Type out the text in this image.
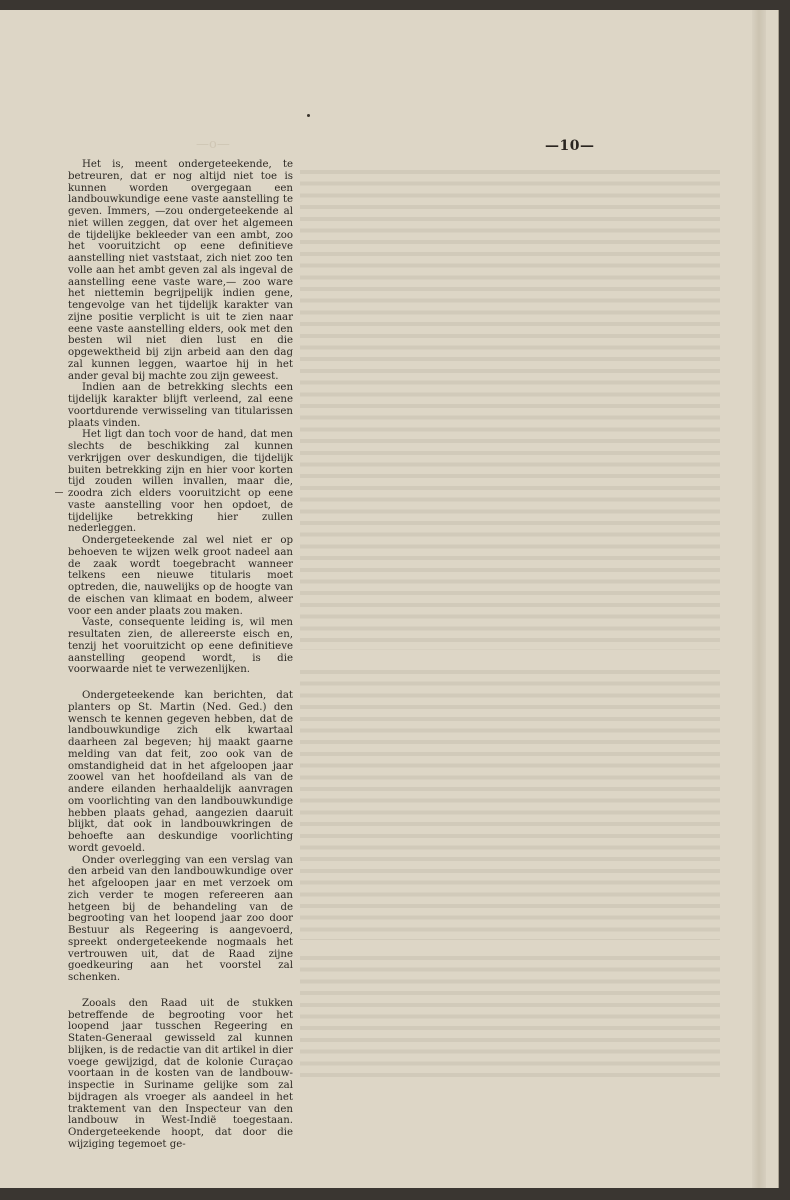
—o—	—10—

Het is, meent ondergeteekende, te betreuren, dat er nog altijd niet toe is kunnen worden overgegaan een landbouwkundige eene vaste aanstelling te geven. Immers, —zou ondergeteekende al niet willen zeggen, dat over het algemeen de tijdelijke bekleeder van een ambt, zoo het vooruitzicht op eene definitieve aanstelling niet vaststaat, zich niet zoo ten volle aan het ambt geven zal als ingeval de aanstelling eene vaste ware,— zoo ware het niettemin begrijpelijk indien gene, tengevolge van het tijdelijk karakter van zijne positie verplicht is uit te zien naar eene vaste aanstelling elders, ook met den besten wil niet dien lust en die opgewektheid bij zijn arbeid aan den dag zal kunnen leggen, waartoe hij in het ander geval bij machte zou zijn geweest.

Indien aan de betrekking slechts een tijdelijk karakter blijft verleend, zal eene voortdurende verwisseling van titularissen plaats vinden.

Het ligt dan toch voor de hand, dat men slechts de beschikking zal kunnen verkrijgen over deskundigen, die tijdelijk buiten betrekking zijn en hier voor korten tijd zouden willen invallen, maar die, zoodra zich elders vooruitzicht op eene vaste aanstelling voor hen opdoet, de tijdelijke betrekking hier zullen nederleggen.

Ondergeteekende zal wel niet er op behoeven te wijzen welk groot nadeel aan de zaak wordt toegebracht wanneer telkens een nieuwe titularis moet optreden, die, nauwelijks op de hoogte van de eischen van klimaat en bodem, alweer voor een ander plaats zou maken.

Vaste, consequente leiding is, wil men resultaten zien, de allereerste eisch en, tenzij het vooruitzicht op eene definitieve aanstelling geopend wordt, is die voorwaarde niet te verwezenlijken.

Ondergeteekende kan berichten, dat planters op St. Martin (Ned. Ged.) den wensch te kennen gegeven hebben, dat de landbouwkundige zich elk kwartaal daarheen zal begeven; hij maakt gaarne melding van dat feit, zoo ook van de omstandigheid dat in het afgeloopen jaar zoowel van het hoofdeiland als van de andere eilanden herhaaldelijk aanvragen om voorlichting van den landbouwkundige hebben plaats gehad, aangezien daaruit blijkt, dat ook in landbouwkringen de behoefte aan deskundige voorlichting wordt gevoeld.

Onder overlegging van een verslag van den arbeid van den landbouwkundige over het afgeloopen jaar en met verzoek om zich verder te mogen refereeren aan hetgeen bij de behandeling van de begrooting van het loopend jaar zoo door Bestuur als Regeering is aangevoerd, spreekt ondergeteekende nogmaals het vertrouwen uit, dat de Raad zijne goedkeuring aan het voorstel zal schenken.

Zooals den Raad uit de stukken betreffende de begrooting voor het loopend jaar tusschen Regeering en Staten-Generaal gewisseld zal kunnen blijken, is de redactie van dit artikel in dier voege gewijzigd, dat de kolonie Curaçao voortaan in de kosten van de landbouw-inspectie in Suriname gelijke som zal bijdragen als vroeger als aandeel in het traktement van den Inspecteur van den landbouw in West-Indië toegestaan. Ondergeteekende hoopt, dat door die wijziging tegemoet ge-
